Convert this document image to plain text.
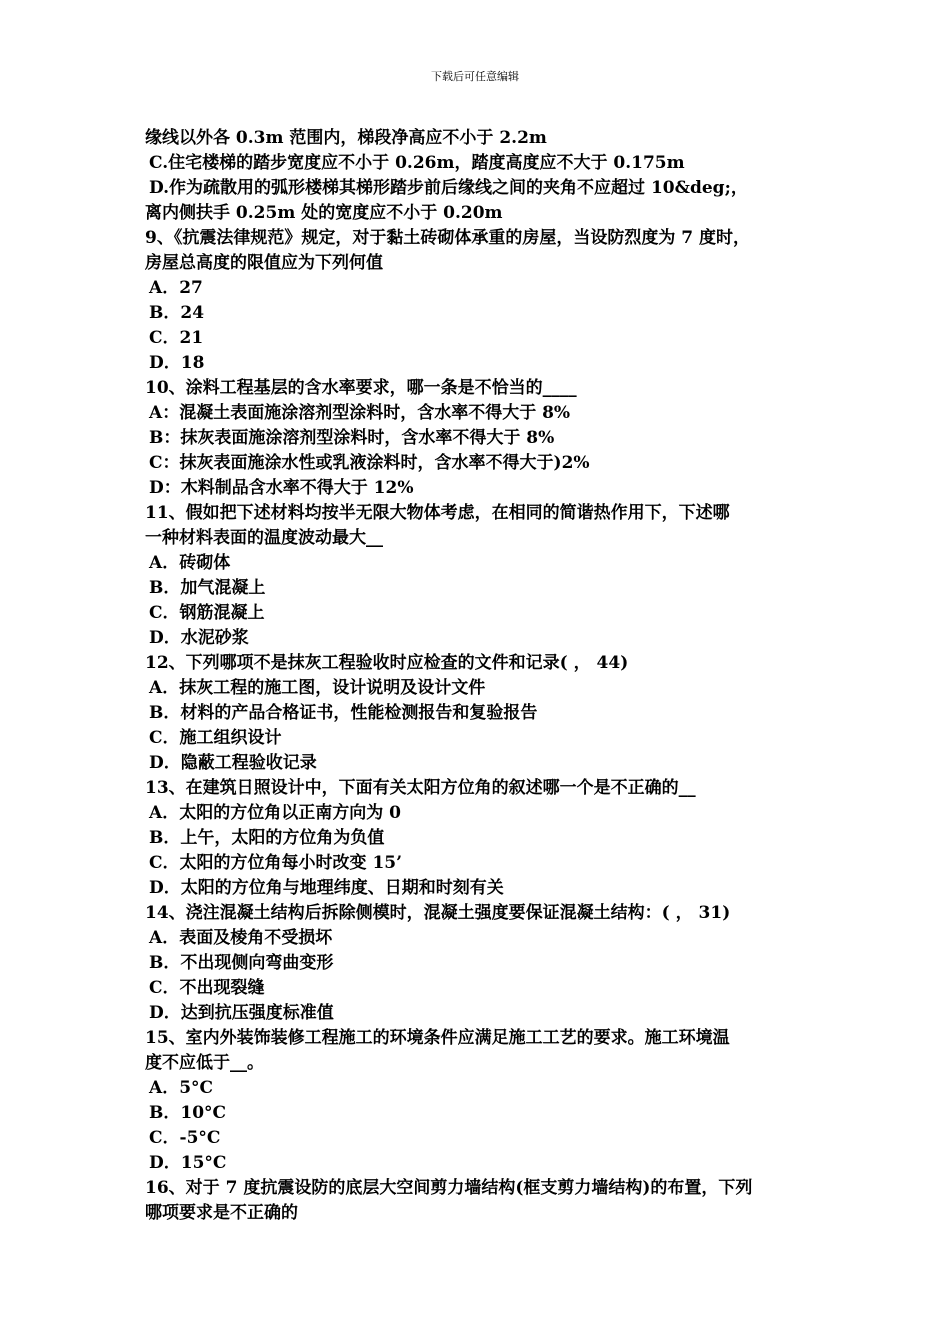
下载后可任意编辑
缘线以外各 0.3m 范围内，梯段净高应不小于 2.2m
C.住宅楼梯的踏步宽度应不小于 0.26m，踏度高度应不大于 0.175m
D.作为疏散用的弧形楼梯其梯形踏步前后缘线之间的夹角不应超过 10&deg;，
离内侧扶手 0.25m 处的宽度应不小于 0.20m
9、《抗震法律规范》规定，对于黏土砖砌体承重的房屋，当设防烈度为 7 度时，
房屋总高度的限值应为下列何值
A．27
B．24
C．21
D．18
10、涂料工程基层的含水率要求，哪一条是不恰当的____
A：混凝土表面施涂溶剂型涂料时，含水率不得大于 8%
B：抹灰表面施涂溶剂型涂料时，含水率不得大于 8%
C：抹灰表面施涂水性或乳液涂料时，含水率不得大于)2%
D：木料制品含水率不得大于 12%
11、假如把下述材料均按半无限大物体考虑，在相同的简谐热作用下，下述哪
一种材料表面的温度波动最大__
A．砖砌体
B．加气混凝上
C．钢筋混凝上
D．水泥砂浆
12、下列哪项不是抹灰工程验收时应检查的文件和记录( ， 44)
A．抹灰工程的施工图，设计说明及设计文件
B．材料的产品合格证书，性能检测报告和复验报告
C．施工组织设计
D．隐蔽工程验收记录
13、在建筑日照设计中，下面有关太阳方位角的叙述哪一个是不正确的__
A．太阳的方位角以正南方向为 0
B．上午，太阳的方位角为负值
C．太阳的方位角每小时改变 15’
D．太阳的方位角与地理纬度、日期和时刻有关
14、浇注混凝土结构后拆除侧模时，混凝土强度要保证混凝土结构：( ， 31)
A．表面及棱角不受损坏
B．不出现侧向弯曲变形
C．不出现裂缝
D．达到抗压强度标准值
15、室内外装饰装修工程施工的环境条件应满足施工工艺的要求。施工环境温
度不应低于__。
A．5°C
B．10°C
C．-5°C
D．15°C
16、对于 7 度抗震设防的底层大空间剪力墙结构(框支剪力墙结构)的布置，下列
哪项要求是不正确的
